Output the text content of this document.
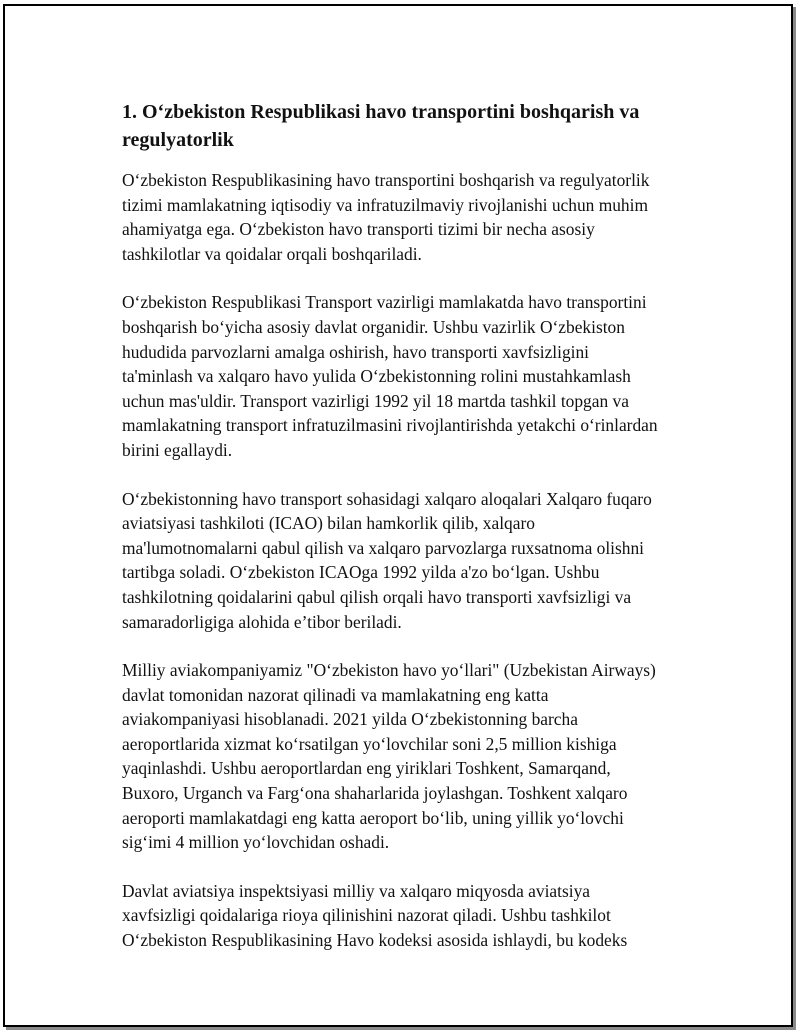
1. O‘zbekiston Respublikasi havo transportini boshqarish va
regulyatorlik

O‘zbekiston Respublikasining havo transportini boshqarish va regulyatorlik
tizimi mamlakatning iqtisodiy va infratuzilmaviy rivojlanishi uchun muhim
ahamiyatga ega. O‘zbekiston havo transporti tizimi bir necha asosiy
tashkilotlar va qoidalar orqali boshqariladi.

O‘zbekiston Respublikasi Transport vazirligi mamlakatda havo transportini
boshqarish bo‘yicha asosiy davlat organidir. Ushbu vazirlik O‘zbekiston
hududida parvozlarni amalga oshirish, havo transporti xavfsizligini
ta'minlash va xalqaro havo yulida O‘zbekistonning rolini mustahkamlash
uchun mas'uldir. Transport vazirligi 1992 yil 18 martda tashkil topgan va
mamlakatning transport infratuzilmasini rivojlantirishda yetakchi o‘rinlardan
birini egallaydi.

O‘zbekistonning havo transport sohasidagi xalqaro aloqalari Xalqaro fuqaro
aviatsiyasi tashkiloti (ICAO) bilan hamkorlik qilib, xalqaro
ma'lumotnomalarni qabul qilish va xalqaro parvozlarga ruxsatnoma olishni
tartibga soladi. O‘zbekiston ICAOga 1992 yilda a'zo bo‘lgan. Ushbu
tashkilotning qoidalarini qabul qilish orqali havo transporti xavfsizligi va
samaradorligiga alohida e’tibor beriladi.

Milliy aviakompaniyamiz "O‘zbekiston havo yo‘llari" (Uzbekistan Airways)
davlat tomonidan nazorat qilinadi va mamlakatning eng katta
aviakompaniyasi hisoblanadi. 2021 yilda O‘zbekistonning barcha
aeroportlarida xizmat ko‘rsatilgan yo‘lovchilar soni 2,5 million kishiga
yaqinlashdi. Ushbu aeroportlardan eng yiriklari Toshkent, Samarqand,
Buxoro, Urganch va Farg‘ona shaharlarida joylashgan. Toshkent xalqaro
aeroporti mamlakatdagi eng katta aeroport bo‘lib, uning yillik yo‘lovchi
sig‘imi 4 million yo‘lovchidan oshadi.

Davlat aviatsiya inspektsiyasi milliy va xalqaro miqyosda aviatsiya
xavfsizligi qoidalariga rioya qilinishini nazorat qiladi. Ushbu tashkilot
O‘zbekiston Respublikasining Havo kodeksi asosida ishlaydi, bu kodeks
